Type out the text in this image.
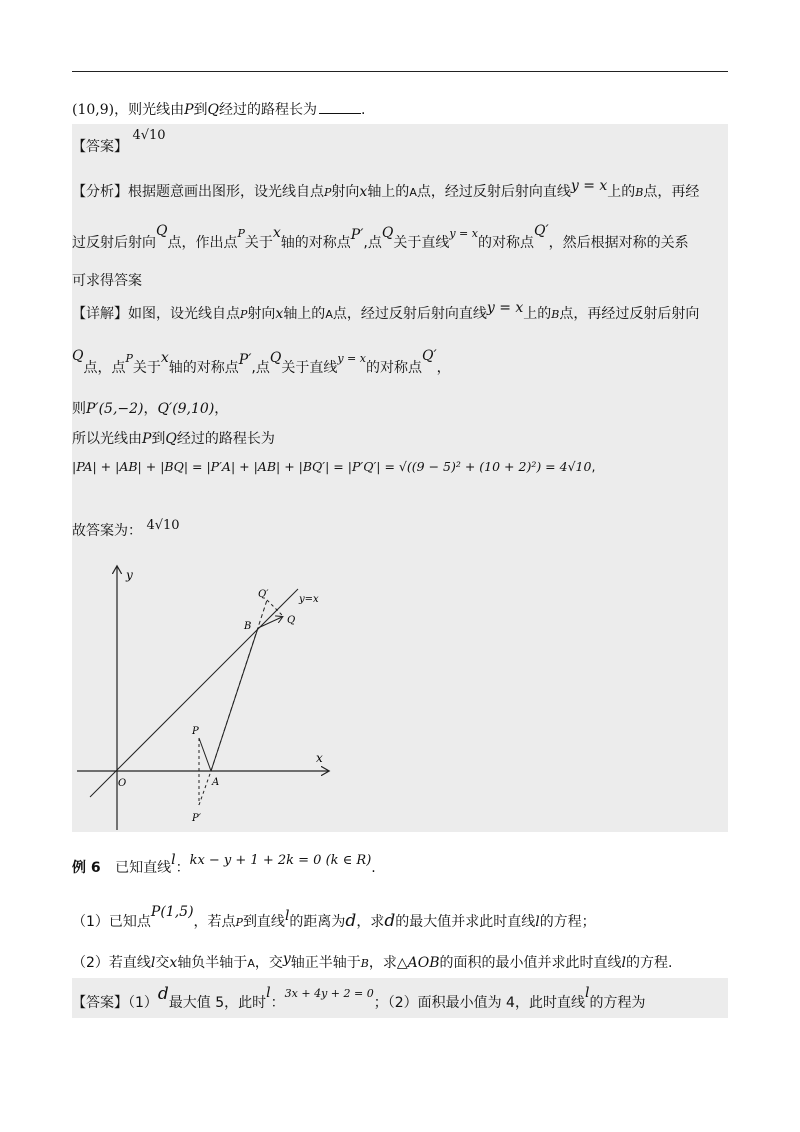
(10,9)，则光线由P到Q经过的路程长为	.
【答案】 4√10
【分析】根据题意画出图形，设光线自点P射向x轴上的A点，经过反射后射向直线y = x上的B点，再经
过反射后射向Q点，作出点$^P$关于x轴的对称点P′,点Q关于直线$^{y = x}$的对称点Q′，然后根据对称的关系
可求得答案
【详解】如图，设光线自点P射向x轴上的A点，经过反射后射向直线y = x上的B点，再经过反射后射向
Q点，点$^P$关于x轴的对称点P′,点Q关于直线$^{y = x}$的对称点Q′，
则P′(5,−2)，Q′(9,10)，
所以光线由P到Q经过的路程长为
|PA| + |AB| + |BQ| = |P′A| + |AB| + |BQ′| = |P′Q′| = √((9 − 5)² + (10 + 2)²) = 4√10,
故答案为： 4√10
y
x
O	A
B
P
P′
Q
Q′	y=x
例 6 已知直线l：kx − y + 1 + 2k = 0 (k ∈ R).
（1）已知点P(1,5)，若点P到直线l的距离为d，求d的最大值并求此时直线l的方程；
（2）若直线l交x轴负半轴于A，交y轴正半轴于B，求△AOB的面积的最小值并求此时直线l的方程.
【答案】（1）d最大值 5，此时l：$^{3x + 4y + 2 = 0}$；（2）面积最小值为 4，此时直线l的方程为
